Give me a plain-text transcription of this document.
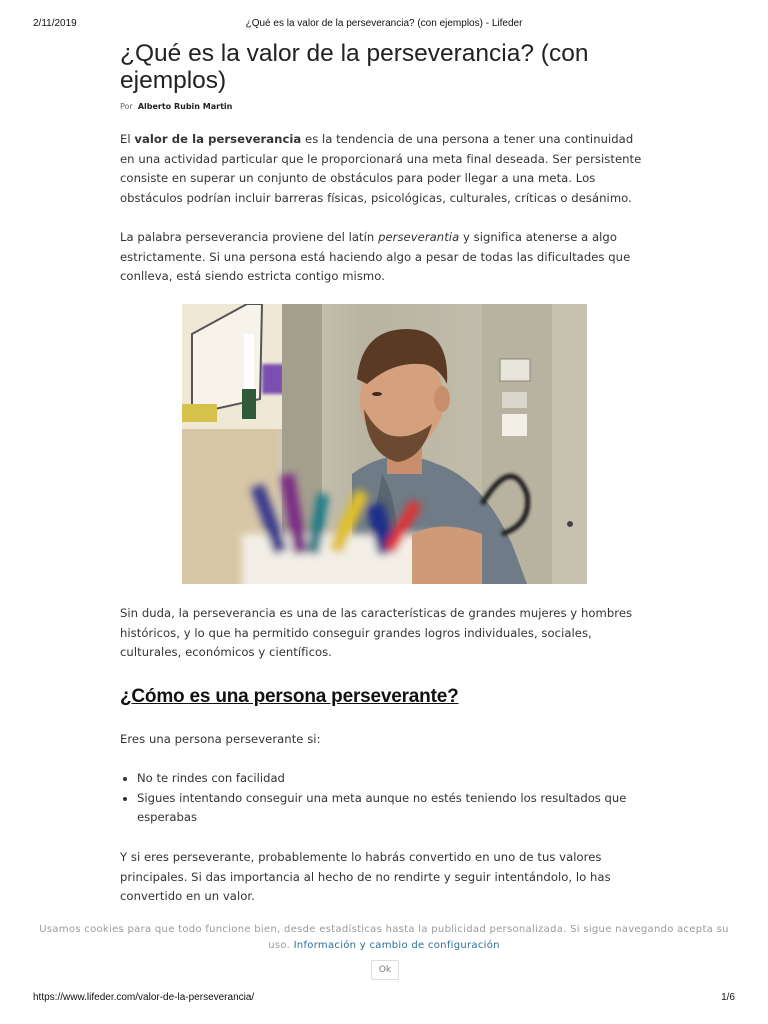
2/11/2019	¿Qué es la valor de la perseverancia? (con ejemplos) - Lifeder
¿Qué es la valor de la perseverancia? (con ejemplos)
Por Alberto Rubin Martin

El valor de la perseverancia es la tendencia de una persona a tener una continuidad en una actividad particular que le proporcionará una meta final deseada. Ser persistente consiste en superar un conjunto de obstáculos para poder llegar a una meta. Los obstáculos podrían incluir barreras físicas, psicológicas, culturales, críticas o desánimo.

La palabra perseverancia proviene del latín perseverantia y significa atenerse a algo estrictamente. Si una persona está haciendo algo a pesar de todas las dificultades que conlleva, está siendo estricta contigo mismo.

Sin duda, la perseverancia es una de las características de grandes mujeres y hombres históricos, y lo que ha permitido conseguir grandes logros individuales, sociales, culturales, económicos y científicos.

¿Cómo es una persona perseverante?

Eres una persona perseverante si:

• No te rindes con facilidad
• Sigues intentando conseguir una meta aunque no estés teniendo los resultados que esperabas

Y si eres perseverante, probablemente lo habrás convertido en uno de tus valores principales. Si das importancia al hecho de no rendirte y seguir intentándolo, lo has convertido en un valor.

Usamos cookies para que todo funcione bien, desde estadísticas hasta la publicidad personalizada. Si sigue navegando acepta su uso. Información y cambio de configuración
Ok
https://www.lifeder.com/valor-de-la-perseverancia/	1/6
